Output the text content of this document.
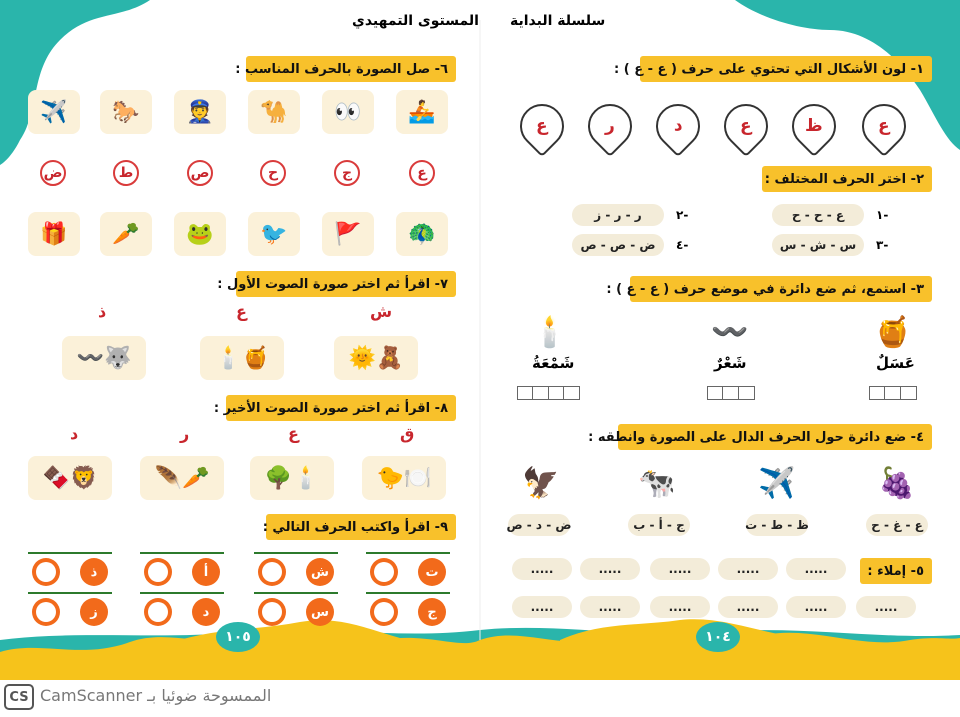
CS الممسوحة ضوئيا بـ CamScanner
المستوى التمهيدي سلسلة البداية
١٠٥	١٠٤
٦- صل الصورة بالحرف المناسب :
✈️	🐎	👮	🐪	👀	🚣
ض	ط	ص	ح	ج	ع
🎁	🥕	🐸	🐦	🚩	🦚
٧- اقرأ ثم اختر صورة الصوت الأول :
ذ	ع	ش
〰️🐺	🕯️🍯	🌞🧸
٨- اقرأ ثم اختر صورة الصوت الأخير :
د	ر	ع	ق
🍫🦁	🪶🥕	🌳🕯️	🐤🍽️
٩- اقرأ واكتب الحرف التالي :
ذ	أ	ش	ت
ز	د	س	ج
١- لون الأشكال التي تحتوي على حرف ( ع - ع ) :
ع	ر	د	ع	ظ	ع
٢- اختر الحرف المختلف :
١-
ع - ح - ح
٢-
ر - ر - ز
٣-
س - ش - س
٤-
ض - ص - ص
٣- استمع، ثم ضع دائرة في موضع حرف ( ع - ع ) :
🕯️	〰️	🍯
شَمْعَةُ	شَعْرٌ	عَسَلٌ
٤- ضع دائرة حول الحرف الدال على الصورة وانطقه :
🦅	🐄	✈️	🍇
ض - د - ص	ج - أ - ب	ظ - ط - ت	ع - غ - ح
٥- إملاء :
.....	.....	.....	.....	.....
.....	.....	.....	.....	.....	.....
